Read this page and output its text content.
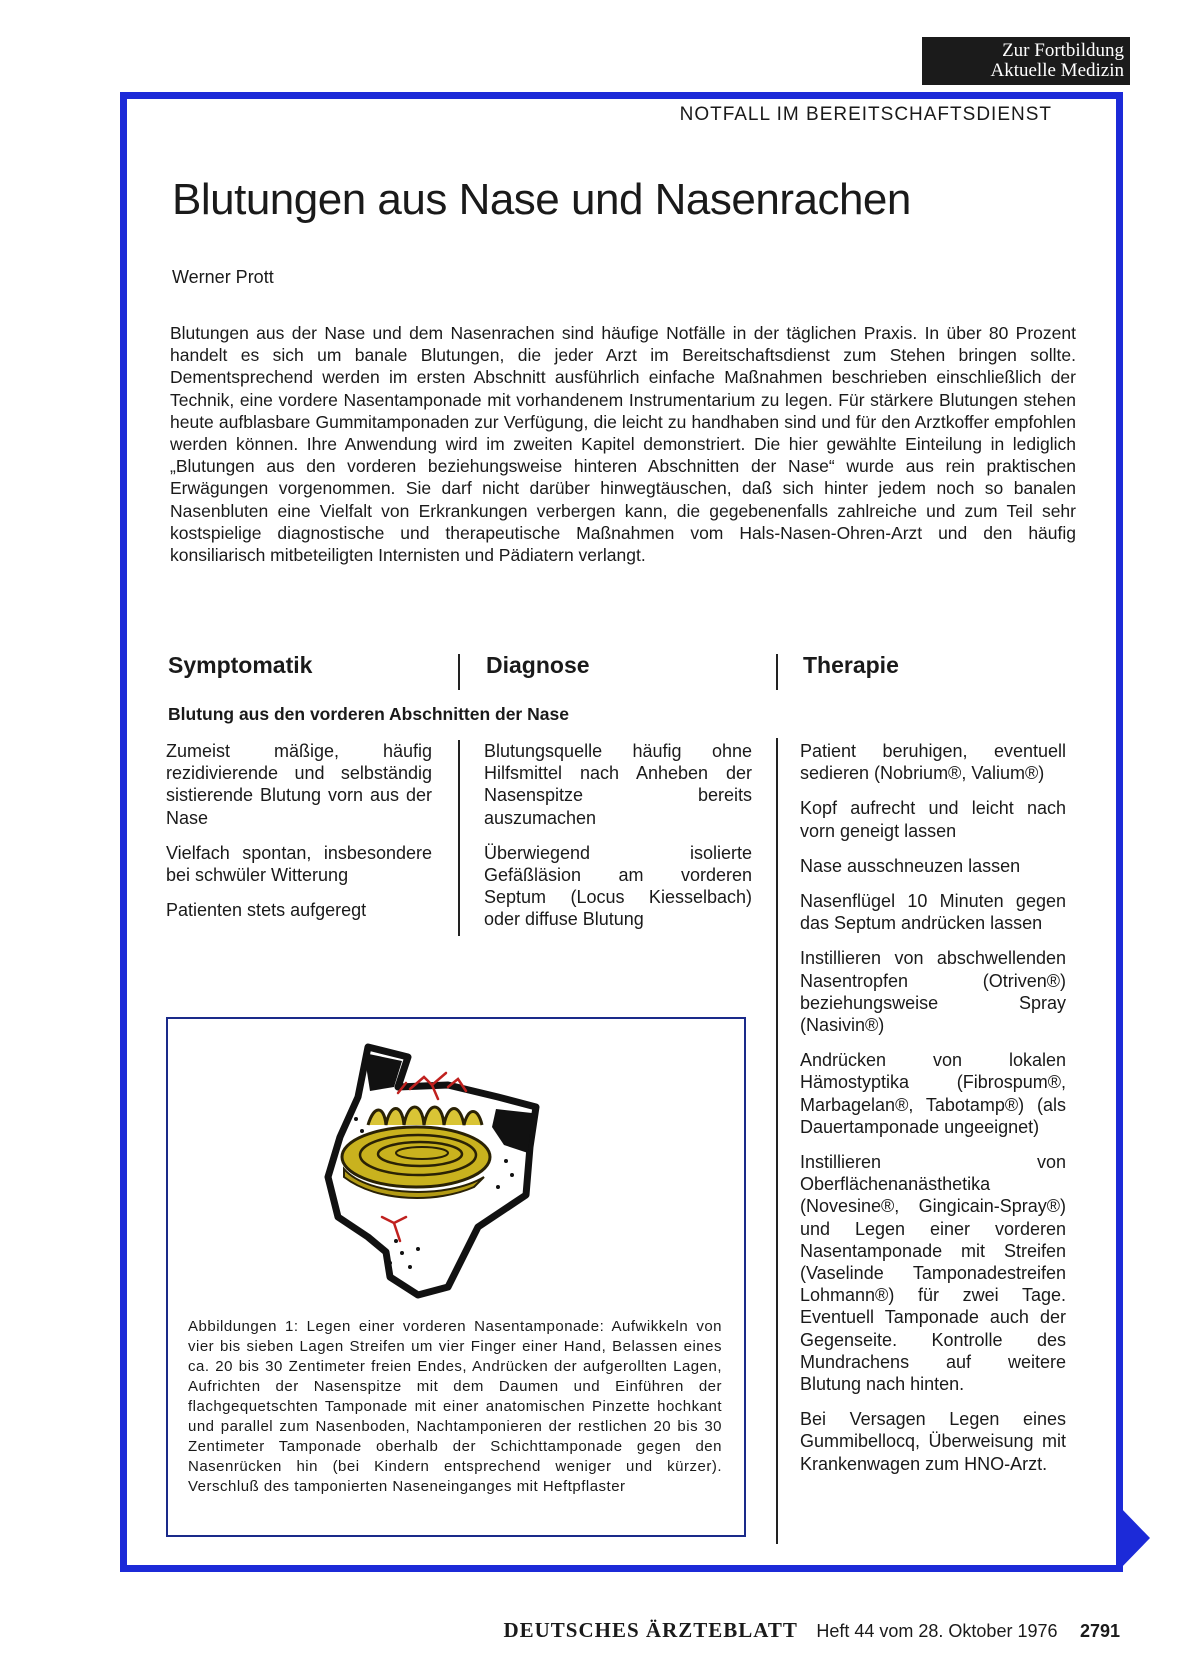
Zur Fortbildung
Aktuelle Medizin
NOTFALL IM BEREITSCHAFTSDIENST
Blutungen aus Nase und Nasenrachen
Werner Prott

Blutungen aus der Nase und dem Nasenrachen sind häufige Notfälle in der täglichen Praxis. In über 80 Prozent handelt es sich um banale Blutungen, die jeder Arzt im Bereitschaftsdienst zum Stehen bringen sollte. Dementsprechend werden im ersten Abschnitt ausführlich einfache Maßnahmen beschrieben einschließlich der Technik, eine vordere Nasentamponade mit vorhandenem Instrumentarium zu legen. Für stärkere Blutungen stehen heute aufblasbare Gummitamponaden zur Verfügung, die leicht zu handhaben sind und für den Arztkoffer empfohlen werden können. Ihre Anwendung wird im zweiten Kapitel demonstriert. Die hier gewählte Einteilung in lediglich „Blutungen aus den vorderen beziehungsweise hinteren Abschnitten der Nase“ wurde aus rein praktischen Erwägungen vorgenommen. Sie darf nicht darüber hinwegtäuschen, daß sich hinter jedem noch so banalen Nasenbluten eine Vielfalt von Erkrankungen verbergen kann, die gegebenenfalls zahlreiche und zum Teil sehr kostspielige diagnostische und therapeutische Maßnahmen vom Hals-Nasen-Ohren-Arzt und den häufig konsiliarisch mitbeteiligten Internisten und Pädiatern verlangt.

Symptomatik	Diagnose	Therapie
Blutung aus den vorderen Abschnitten der Nase

Zumeist mäßige, häufig rezidivierende und selbständig sistierende Blutung vorn aus der Nase

Vielfach spontan, insbesondere bei schwüler Witterung

Patienten stets aufgeregt

Blutungsquelle häufig ohne Hilfsmittel nach Anheben der Nasenspitze bereits auszumachen

Überwiegend isolierte Gefäßläsion am vorderen Septum (Locus Kiesselbach) oder diffuse Blutung

Patient beruhigen, eventuell sedieren (Nobrium®, Valium®)

Kopf aufrecht und leicht nach vorn geneigt lassen

Nase ausschneuzen lassen

Nasenflügel 10 Minuten gegen das Septum andrücken lassen

Instillieren von abschwellenden Nasentropfen (Otriven®) beziehungsweise Spray (Nasivin®)

Andrücken von lokalen Hämostyptika (Fibrospum®, Marbagelan®, Tabotamp®) (als Dauertamponade ungeeignet)

Instillieren von Oberflächenanästhetika (Novesine®, Gingicain-Spray®) und Legen einer vorderen Nasentamponade mit Streifen (Vaselinde Tamponadestreifen Lohmann®) für zwei Tage. Eventuell Tamponade auch der Gegenseite. Kontrolle des Mundrachens auf weitere Blutung nach hinten.

Bei Versagen Legen eines Gummibellocq, Überweisung mit Krankenwagen zum HNO-Arzt.

Abbildungen 1: Legen einer vorderen Nasentamponade: Aufwikkeln von vier bis sieben Lagen Streifen um vier Finger einer Hand, Belassen eines ca. 20 bis 30 Zentimeter freien Endes, Andrücken der aufgerollten Lagen, Aufrichten der Nasenspitze mit dem Daumen und Einführen der flachgequetschten Tamponade mit einer anatomischen Pinzette hochkant und parallel zum Nasenboden, Nachtamponieren der restlichen 20 bis 30 Zentimeter Tamponade oberhalb der Schichttamponade gegen den Nasenrücken hin (bei Kindern entsprechend weniger und kürzer). Verschluß des tamponierten Naseneinganges mit Heftpflaster
DEUTSCHES ÄRZTEBLATT Heft 44 vom 28. Oktober 1976 2791
